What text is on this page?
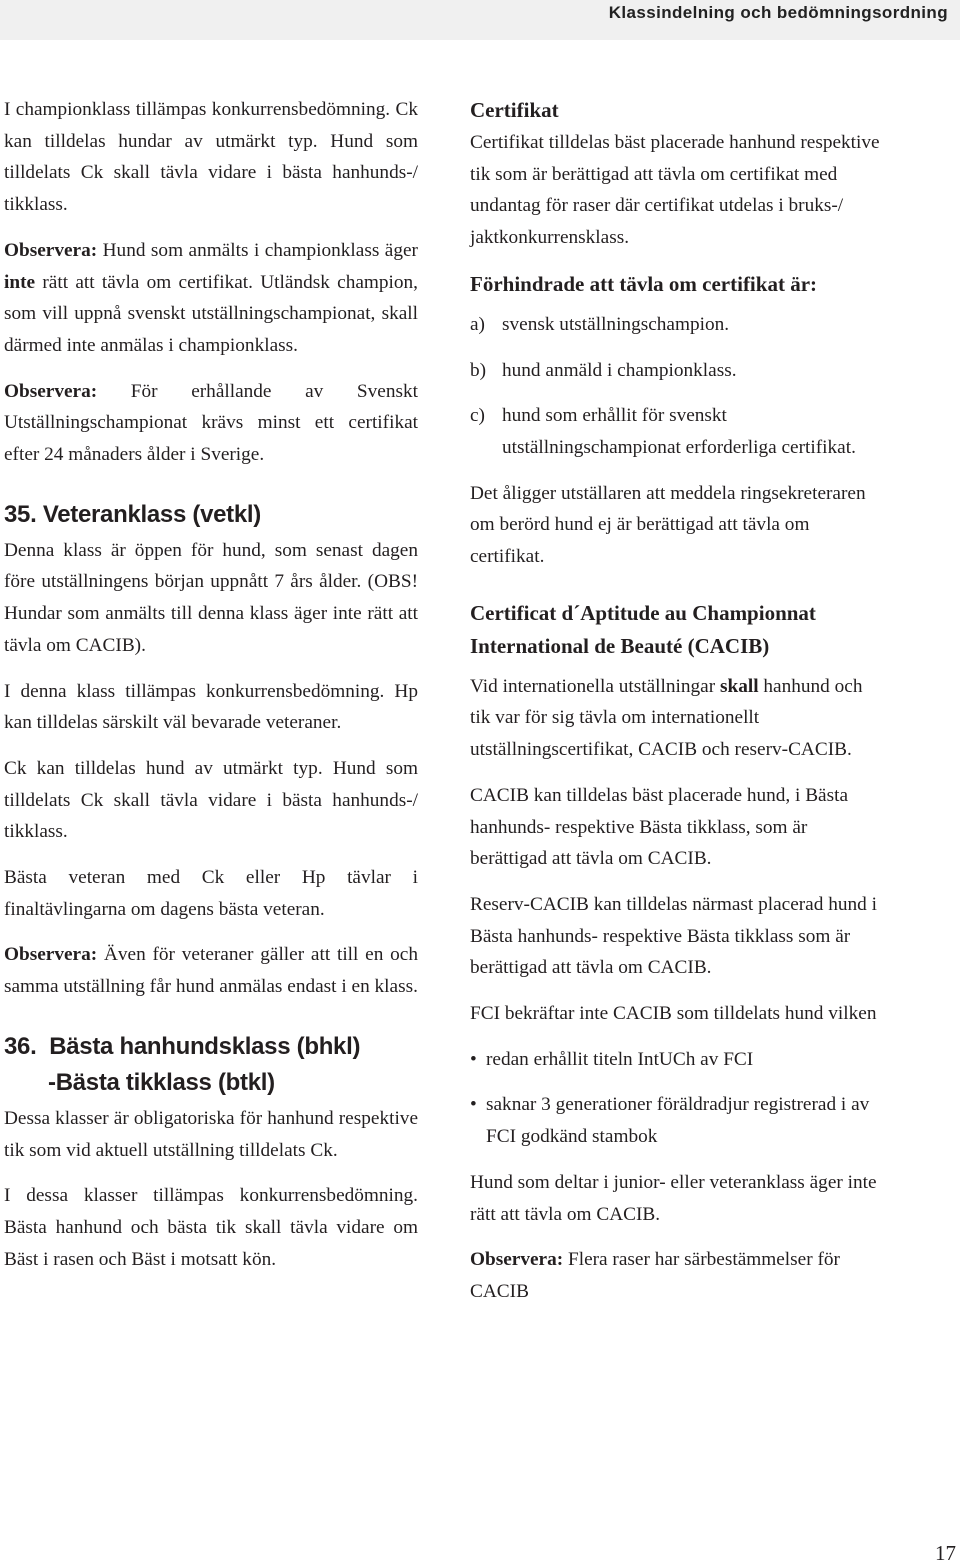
Klassindelning och bedömningsordning

I championklass tillämpas konkurrensbedömning. Ck kan tilldelas hundar av utmärkt typ. Hund som tilldelats Ck skall tävla vidare i bästa hanhunds-/ tikklass.

Observera: Hund som anmälts i championklass äger inte rätt att tävla om certifikat. Utländsk champion, som vill uppnå svenskt utställningschampionat, skall därmed inte anmälas i championklass.

Observera: För erhållande av Svenskt Utställningschampionat krävs minst ett certifikat efter 24 månaders ålder i Sverige.

35. Veteranklass (vetkl)

Denna klass är öppen för hund, som senast dagen före utställningens början uppnått 7 års ålder. (OBS! Hundar som anmälts till denna klass äger inte rätt att tävla om CACIB).

I denna klass tillämpas konkurrensbedömning. Hp kan tilldelas särskilt väl bevarade veteraner.

Ck kan tilldelas hund av utmärkt typ. Hund som tilldelats Ck skall tävla vidare i bästa hanhunds-/ tikklass.

Bästa veteran med Ck eller Hp tävlar i finaltävlingarna om dagens bästa veteran.

Observera: Även för veteraner gäller att till en och samma utställning får hund anmälas endast i en klass.

36. Bästa hanhundsklass (bhkl)
-Bästa tikklass (btkl)

Dessa klasser är obligatoriska för hanhund respektive tik som vid aktuell utställning tilldelats Ck.

I dessa klasser tillämpas konkurrensbedömning. Bästa hanhund och bästa tik skall tävla vidare om Bäst i rasen och Bäst i motsatt kön.

Certifikat

Certifikat tilldelas bäst placerade hanhund respektive tik som är berättigad att tävla om certifikat med undantag för raser där certifikat utdelas i bruks-/ jaktkonkurrensklass.

Förhindrade att tävla om certifikat är:
a) svensk utställningschampion.
b) hund anmäld i championklass.
c) hund som erhållit för svenskt utställningschampionat erforderliga certifikat.

Det åligger utställaren att meddela ringsekreteraren om berörd hund ej är berättigad att tävla om certifikat.

Certificat d´Aptitude au Championnat
International de Beauté (CACIB)

Vid internationella utställningar skall hanhund och tik var för sig tävla om internationellt utställningscertifikat, CACIB och reserv-CACIB.

CACIB kan tilldelas bäst placerade hund, i Bästa hanhunds- respektive Bästa tikklass, som är berättigad att tävla om CACIB.

Reserv-CACIB kan tilldelas närmast placerad hund i Bästa hanhunds- respektive Bästa tikklass som är berättigad att tävla om CACIB.

FCI bekräftar inte CACIB som tilldelats hund vilken

• redan erhållit titeln IntUCh av FCI
• saknar 3 generationer föräldradjur registrerad i av FCI godkänd stambok

Hund som deltar i junior- eller veteranklass äger inte rätt att tävla om CACIB.

Observera: Flera raser har särbestämmelser för CACIB

17
